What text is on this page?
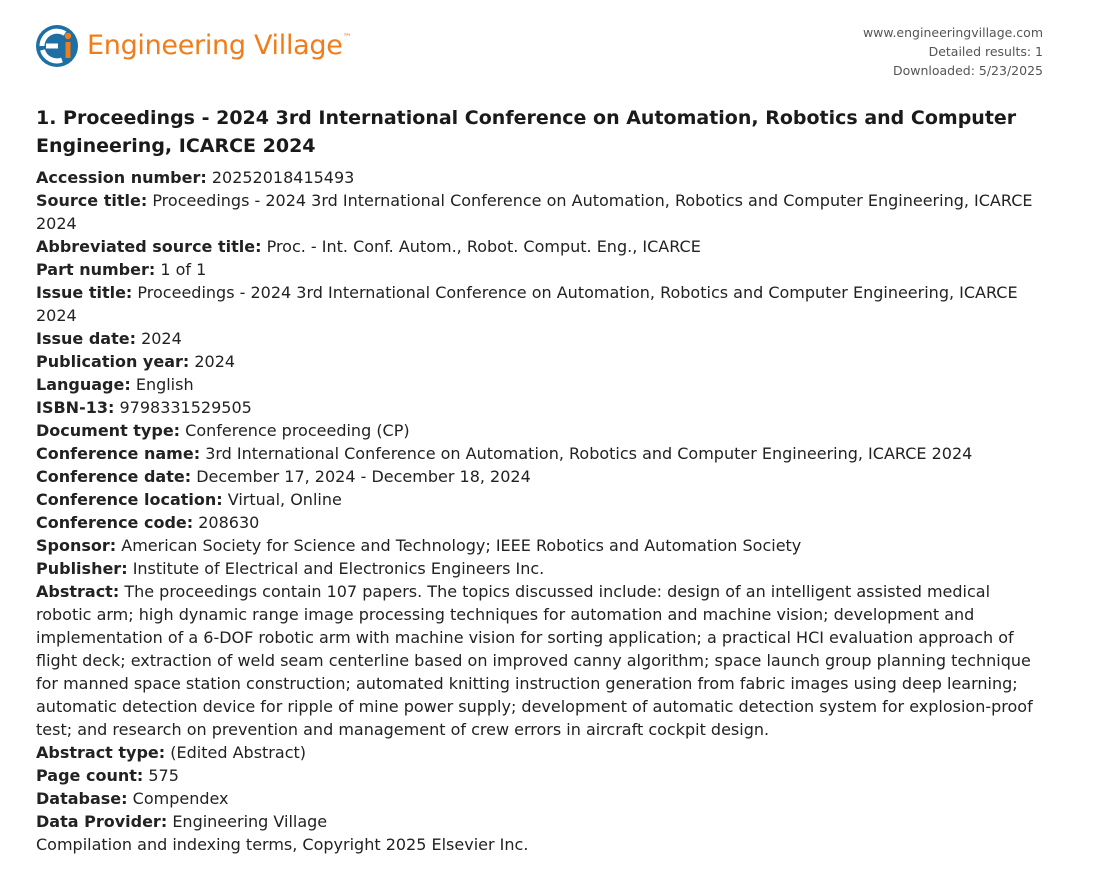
Engineering Village™	www.engineeringvillage.com
Detailed results: 1
Downloaded: 5/23/2025
1. Proceedings - 2024 3rd International Conference on Automation, Robotics and Computer Engineering, ICARCE 2024
Accession number: 20252018415493
Source title: Proceedings - 2024 3rd International Conference on Automation, Robotics and Computer Engineering, ICARCE 2024
Abbreviated source title: Proc. - Int. Conf. Autom., Robot. Comput. Eng., ICARCE
Part number: 1 of 1
Issue title: Proceedings - 2024 3rd International Conference on Automation, Robotics and Computer Engineering, ICARCE 2024
Issue date: 2024
Publication year: 2024
Language: English
ISBN-13: 9798331529505
Document type: Conference proceeding (CP)
Conference name: 3rd International Conference on Automation, Robotics and Computer Engineering, ICARCE 2024
Conference date: December 17, 2024 - December 18, 2024
Conference location: Virtual, Online
Conference code: 208630
Sponsor: American Society for Science and Technology; IEEE Robotics and Automation Society
Publisher: Institute of Electrical and Electronics Engineers Inc.
Abstract: The proceedings contain 107 papers. The topics discussed include: design of an intelligent assisted medical robotic arm; high dynamic range image processing techniques for automation and machine vision; development and implementation of a 6-DOF robotic arm with machine vision for sorting application; a practical HCI evaluation approach of flight deck; extraction of weld seam centerline based on improved canny algorithm; space launch group planning technique for manned space station construction; automated knitting instruction generation from fabric images using deep learning; automatic detection device for ripple of mine power supply; development of automatic detection system for explosion-proof test; and research on prevention and management of crew errors in aircraft cockpit design.
Abstract type: (Edited Abstract)
Page count: 575
Database: Compendex
Data Provider: Engineering Village
Compilation and indexing terms, Copyright 2025 Elsevier Inc.
